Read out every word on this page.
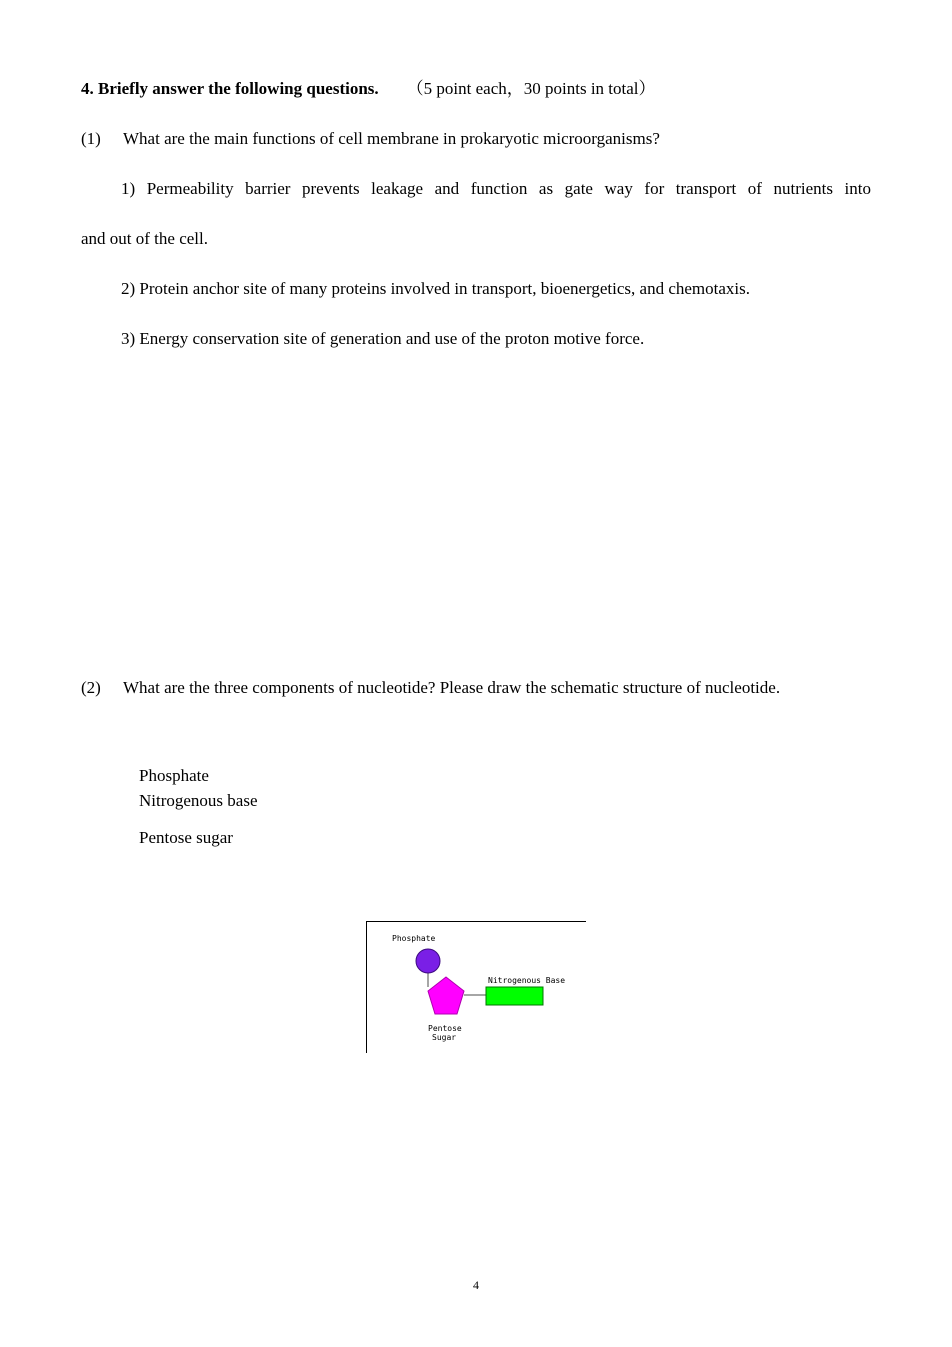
4. Briefly answer the following questions. （5 point each，30 points in total）
(1) What are the main functions of cell membrane in prokaryotic microorganisms?
1) Permeability barrier prevents leakage and function as gate way for transport of nutrients into
and out of the cell.
2) Protein anchor site of many proteins involved in transport, bioenergetics, and chemotaxis.
3) Energy conservation site of generation and use of the proton motive force.
(2) What are the three components of nucleotide? Please draw the schematic structure of nucleotide.
Phosphate
Nitrogenous base
Pentose sugar
Phosphate
Nitrogenous Base
Pentose
Sugar
4
